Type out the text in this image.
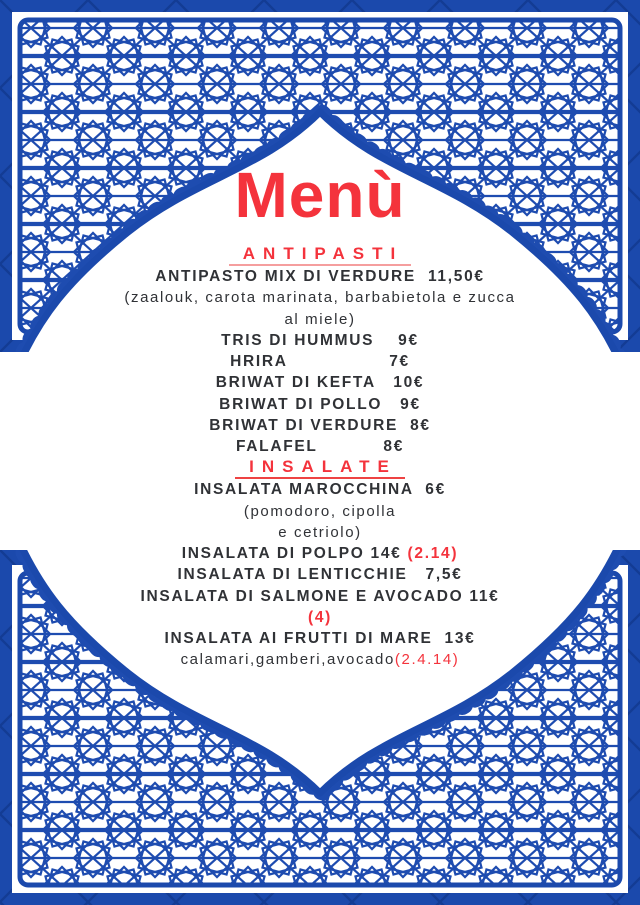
Menù
ANTIPASTI
ANTIPASTO MIX DI VERDURE  11,50€
(zaalouk, carota marinata, barbabietola e zucca
al miele)
TRIS DI HUMMUS    9€
HRIRA                 7€
BRIWAT DI KEFTA   10€
BRIWAT DI POLLO   9€
BRIWAT DI VERDURE  8€
FALAFEL           8€
INSALATE
INSALATA MAROCCHINA  6€
(pomodoro, cipolla
e cetriolo)
INSALATA DI POLPO 14€ (2.14)
INSALATA DI LENTICCHIE   7,5€
INSALATA DI SALMONE E AVOCADO 11€
(4)
INSALATA AI FRUTTI DI MARE  13€
calamari,gamberi,avocado(2.4.14)
